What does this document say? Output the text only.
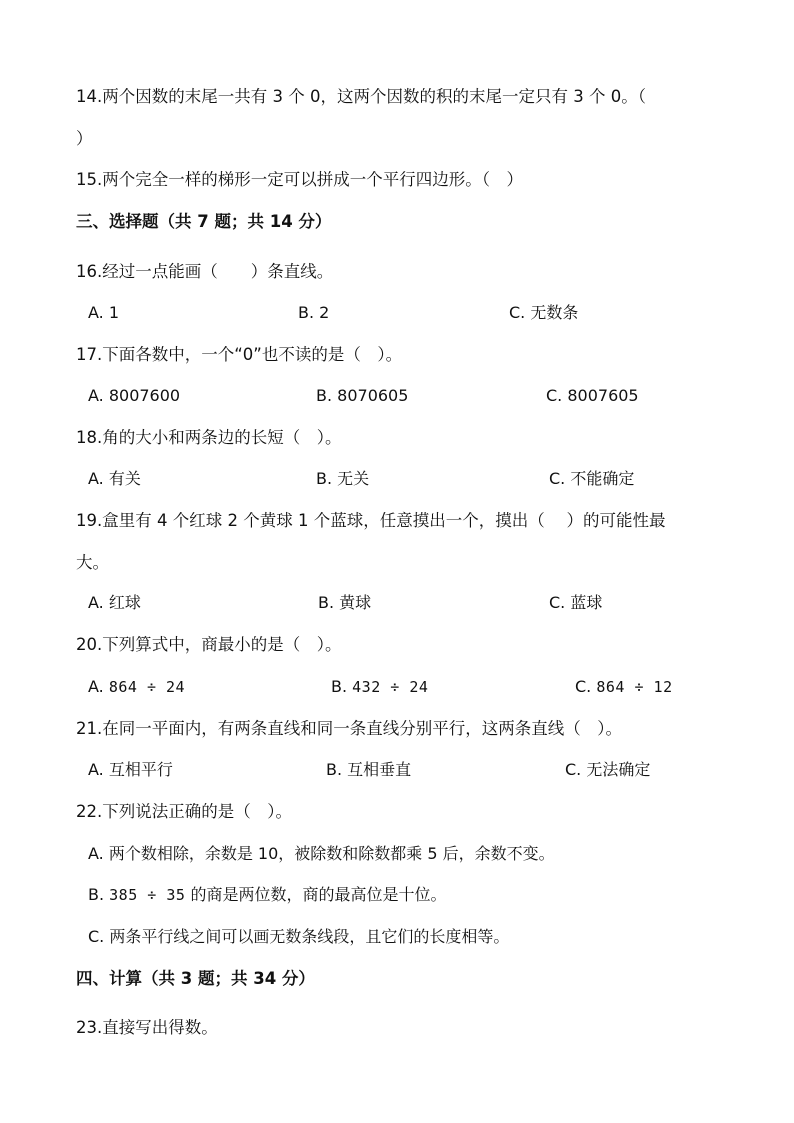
14.两个因数的末尾一共有 3 个 0，这两个因数的积的末尾一定只有 3 个 0。（
）
15.两个完全一样的梯形一定可以拼成一个平行四边形。（　）
三、选择题（共 7 题；共 14 分）
16.经过一点能画（　　）条直线。
A. 1	B. 2	C. 无数条
17.下面各数中，一个“0”也不读的是（　）。
A. 8007600	B. 8070605	C. 8007605
18.角的大小和两条边的长短（　）。
A. 有关	B. 无关	C. 不能确定
19.盒里有 4 个红球 2 个黄球 1 个蓝球，任意摸出一个，摸出（　 ）的可能性最
大。
A. 红球	B. 黄球	C. 蓝球
20.下列算式中，商最小的是（　）。
A. 864 ÷ 24	B. 432 ÷ 24	C. 864 ÷ 12
21.在同一平面内，有两条直线和同一条直线分别平行，这两条直线（　）。
A. 互相平行	B. 互相垂直	C. 无法确定
22.下列说法正确的是（　）。
A. 两个数相除，余数是 10，被除数和除数都乘 5 后，余数不变。
B. 385 ÷ 35 的商是两位数，商的最高位是十位。
C. 两条平行线之间可以画无数条线段，且它们的长度相等。
四、计算（共 3 题；共 34 分）
23.直接写出得数。
